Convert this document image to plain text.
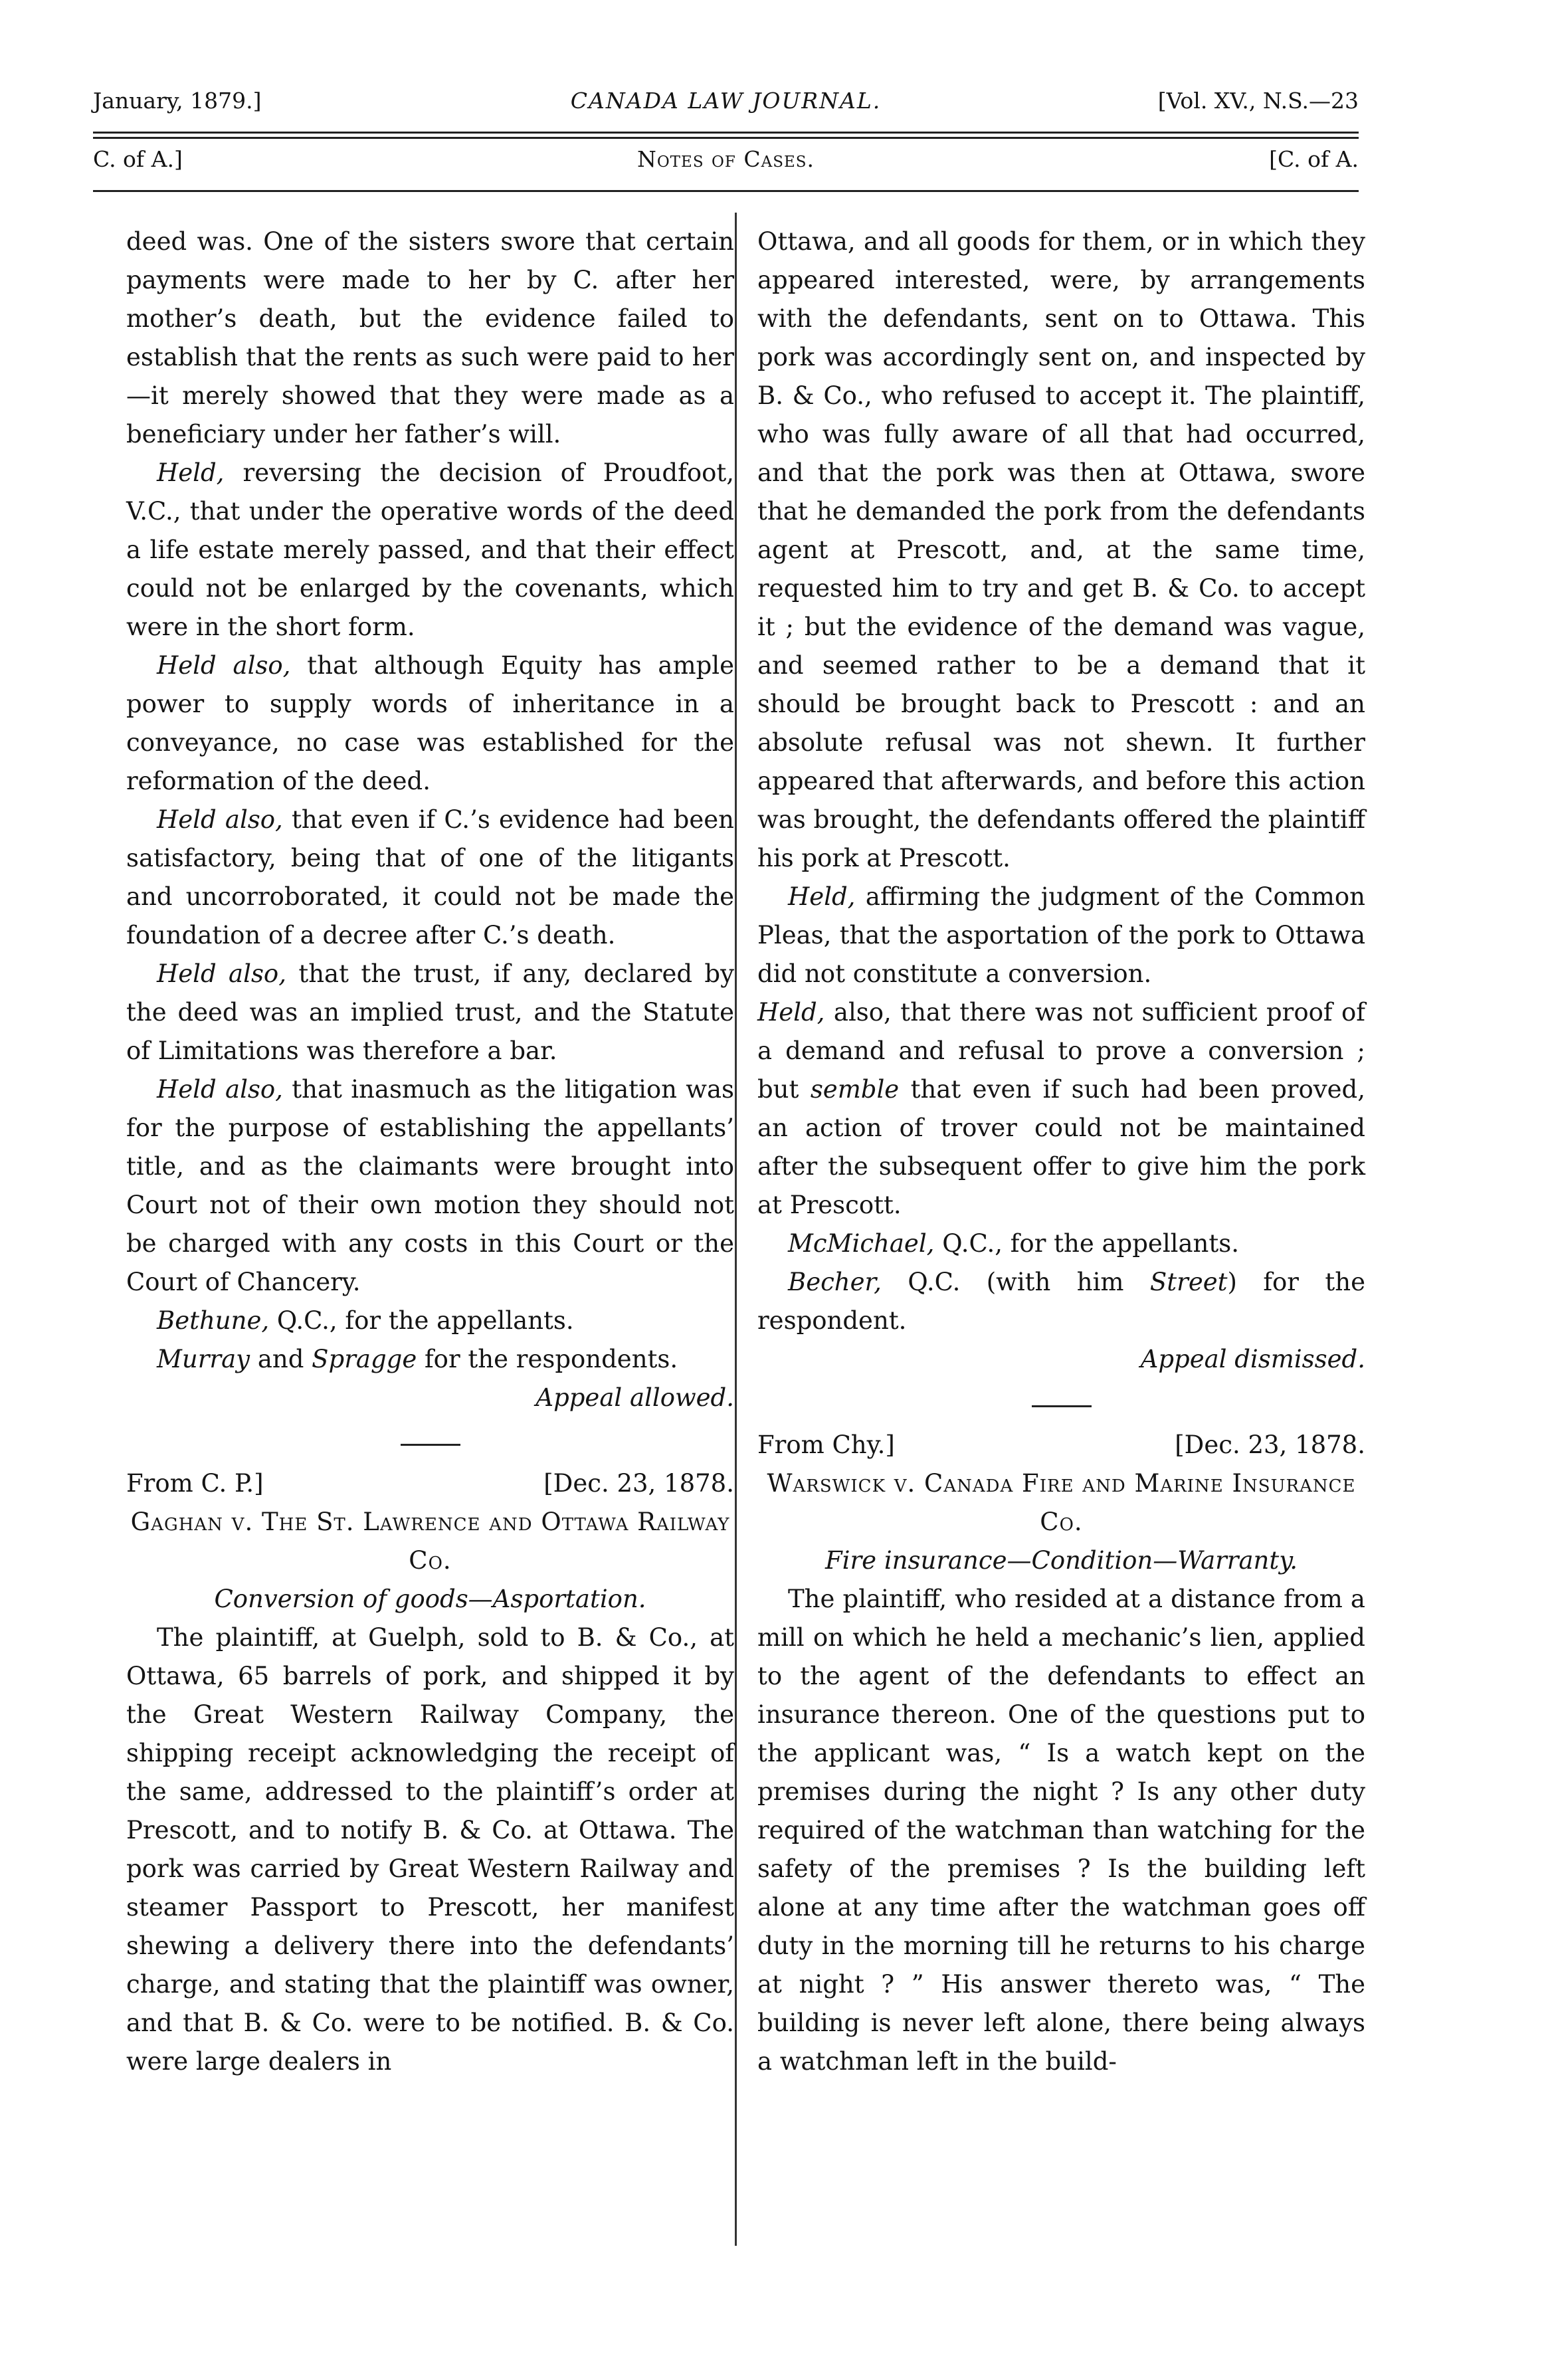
January, 1879.]	CANADA LAW JOURNAL.	[Vol. XV., N.S.—23
C. of A.]	Notes of Cases.	[C. of A.

deed was. One of the sisters swore that certain payments were made to her by C. after her mother’s death, but the evidence failed to establish that the rents as such were paid to her—it merely showed that they were made as a beneficiary under her father’s will.

Held, reversing the decision of Proudfoot, V.C., that under the operative words of the deed a life estate merely passed, and that their effect could not be enlarged by the covenants, which were in the short form.

Held also, that although Equity has ample power to supply words of inheritance in a conveyance, no case was established for the reformation of the deed.

Held also, that even if C.’s evidence had been satisfactory, being that of one of the litigants and uncorroborated, it could not be made the foundation of a decree after C.’s death.

Held also, that the trust, if any, declared by the deed was an implied trust, and the Statute of Limitations was therefore a bar.

Held also, that inasmuch as the litigation was for the purpose of establishing the appellants’ title, and as the claimants were brought into Court not of their own motion they should not be charged with any costs in this Court or the Court of Chancery.

Bethune, Q.C., for the appellants.

Murray and Spragge for the respondents.

Appeal allowed.

From C. P.]	[Dec. 23, 1878.

Gaghan v. The St. Lawrence and Ottawa Railway Co.

Conversion of goods—Asportation.

The plaintiff, at Guelph, sold to B. & Co., at Ottawa, 65 barrels of pork, and shipped it by the Great Western Railway Company, the shipping receipt acknowledging the receipt of the same, addressed to the plaintiff’s order at Prescott, and to notify B. & Co. at Ottawa. The pork was carried by Great Western Railway and steamer Passport to Prescott, her manifest shewing a delivery there into the defendants’ charge, and stating that the plaintiff was owner, and that B. & Co. were to be notified. B. & Co. were large dealers in

Ottawa, and all goods for them, or in which they appeared interested, were, by arrangements with the defendants, sent on to Ottawa. This pork was accordingly sent on, and inspected by B. & Co., who refused to accept it. The plaintiff, who was fully aware of all that had occurred, and that the pork was then at Ottawa, swore that he demanded the pork from the defendants agent at Prescott, and, at the same time, requested him to try and get B. & Co. to accept it ; but the evidence of the demand was vague, and seemed rather to be a demand that it should be brought back to Prescott : and an absolute refusal was not shewn. It further appeared that afterwards, and before this action was brought, the defendants offered the plaintiff his pork at Prescott.

Held, affirming the judgment of the Common Pleas, that the asportation of the pork to Ottawa did not constitute a conversion.

Held, also, that there was not sufficient proof of a demand and refusal to prove a conversion ; but semble that even if such had been proved, an action of trover could not be maintained after the subsequent offer to give him the pork at Prescott.

McMichael, Q.C., for the appellants.

Becher, Q.C. (with him Street) for the respondent.

Appeal dismissed.

From Chy.]	[Dec. 23, 1878.

Warswick v. Canada Fire and Marine Insurance Co.

Fire insurance—Condition—Warranty.

The plaintiff, who resided at a distance from a mill on which he held a mechanic’s lien, applied to the agent of the defendants to effect an insurance thereon. One of the questions put to the applicant was, “ Is a watch kept on the premises during the night ? Is any other duty required of the watchman than watching for the safety of the premises ? Is the building left alone at any time after the watchman goes off duty in the morning till he returns to his charge at night ? ” His answer thereto was, “ The building is never left alone, there being always a watchman left in the build-
